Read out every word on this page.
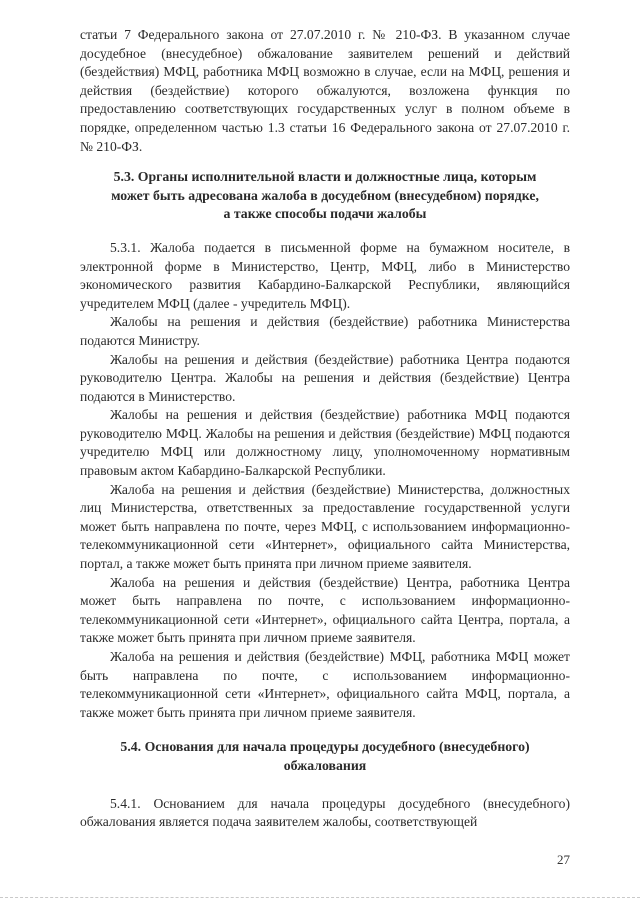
статьи 7 Федерального закона от 27.07.2010 г. № 210-ФЗ. В указанном случае досудебное (внесудебное) обжалование заявителем решений и действий (бездействия) МФЦ, работника МФЦ возможно в случае, если на МФЦ, решения и действия (бездействие) которого обжалуются, возложена функция по предоставлению соответствующих государственных услуг в полном объеме в порядке, определенном частью 1.3 статьи 16 Федерального закона от 27.07.2010 г. № 210-ФЗ.

5.3. Органы исполнительной власти и должностные лица, которым
может быть адресована жалоба в досудебном (внесудебном) порядке,
а также способы подачи жалобы

5.3.1. Жалоба подается в письменной форме на бумажном носителе, в электронной форме в Министерство, Центр, МФЦ, либо в Министерство экономического развития Кабардино-Балкарской Республики, являющийся учредителем МФЦ (далее - учредитель МФЦ).

Жалобы на решения и действия (бездействие) работника Министерства подаются Министру.

Жалобы на решения и действия (бездействие) работника Центра подаются руководителю Центра. Жалобы на решения и действия (бездействие) Центра подаются в Министерство.

Жалобы на решения и действия (бездействие) работника МФЦ подаются руководителю МФЦ. Жалобы на решения и действия (бездействие) МФЦ подаются учредителю МФЦ или должностному лицу, уполномоченному нормативным правовым актом Кабардино-Балкарской Республики.

Жалоба на решения и действия (бездействие) Министерства, должностных лиц Министерства, ответственных за предоставление государственной услуги может быть направлена по почте, через МФЦ, с использованием информационно-телекоммуникационной сети «Интернет», официального сайта Министерства, портал, а также может быть принята при личном приеме заявителя.

Жалоба на решения и действия (бездействие) Центра, работника Центра может быть направлена по почте, с использованием информационно-телекоммуникационной сети «Интернет», официального сайта Центра, портала, а также может быть принята при личном приеме заявителя.

Жалоба на решения и действия (бездействие) МФЦ, работника МФЦ может быть направлена по почте, с использованием информационно-телекоммуникационной сети «Интернет», официального сайта МФЦ, портала, а также может быть принята при личном приеме заявителя.

5.4. Основания для начала процедуры досудебного (внесудебного)
обжалования

5.4.1. Основанием для начала процедуры досудебного (внесудебного) обжалования является подача заявителем жалобы, соответствующей

27
